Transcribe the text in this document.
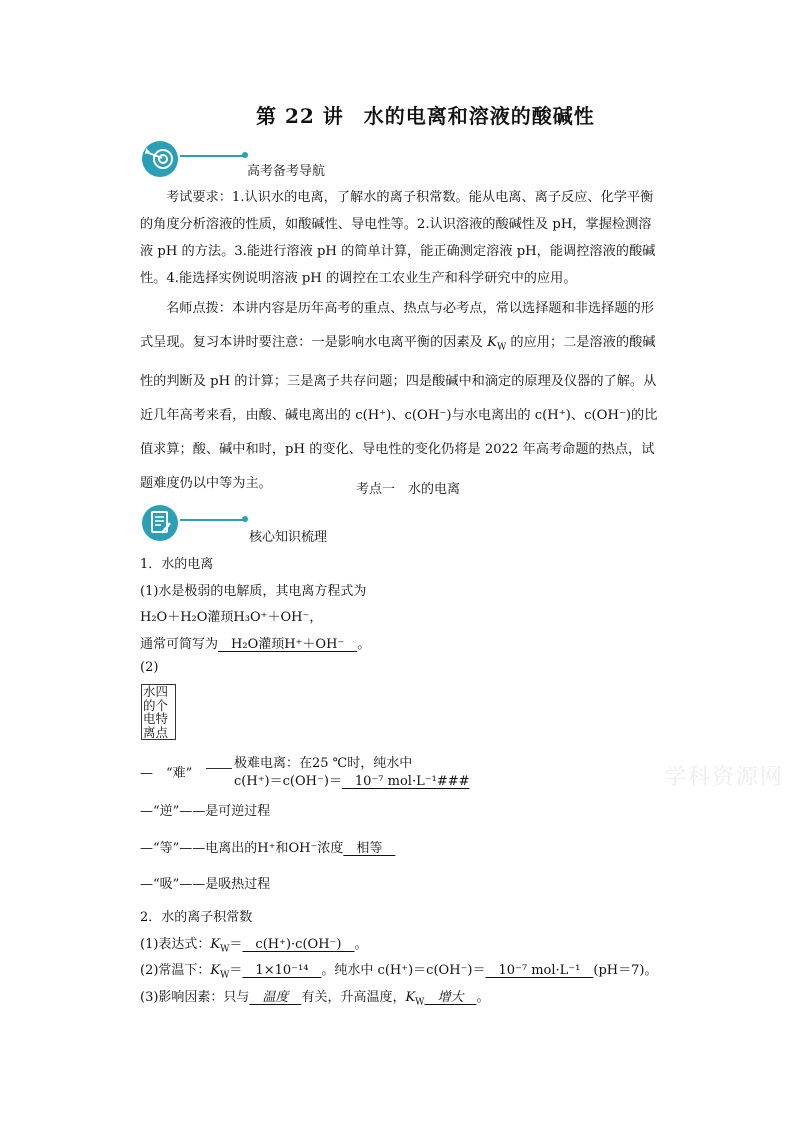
第 22 讲 水的电离和溶液的酸碱性
高考备考导航
考试要求：1.认识水的电离，了解水的离子积常数。能从电离、离子反应、化学平衡的角度分析溶液的性质，如酸碱性、导电性等。2.认识溶液的酸碱性及 pH，掌握检测溶液 pH 的方法。3.能进行溶液 pH 的简单计算，能正确测定溶液 pH，能调控溶液的酸碱性。4.能选择实例说明溶液 pH 的调控在工农业生产和科学研究中的应用。
名师点拨：本讲内容是历年高考的重点、热点与必考点，常以选择题和非选择题的形式呈现。复习本讲时要注意：一是影响水电离平衡的因素及 $K_W$ 的应用；二是溶液的酸碱性的判断及 pH 的计算；三是离子共存问题；四是酸碱中和滴定的原理及仪器的了解。从近几年高考来看，由酸、碱电离出的 c(H⁺)、c(OH⁻)与水电离出的 c(H⁺)、c(OH⁻)的比值求算；酸、碱中和时，pH 的变化、导电性的变化仍将是 2022 年高考命题的热点，试题难度仍以中等为主。	考点一　水的电离
核心知识梳理
1．水的电离
(1)水是极弱的电解质，其电离方程式为
H₂O＋H₂O灌顼H₃O⁺＋OH⁻，
通常可简写为　H₂O灌顼H⁺＋OH⁻　。
(2)
水四
的个
电特
离点
—　“难”
极难电离：在25 ℃时，纯水中
c(H⁺)＝c(OH⁻)＝　10⁻⁷ mol·L⁻¹###
—“逆”——是可逆过程
—“等”——电离出的H⁺和OH⁻浓度　相等　
—“吸”——是吸热过程
2．水的离子积常数
(1)表达式：$K_W=$　c(H⁺)·c(OH⁻)　。
(2)常温下：$K_W=$　1×10⁻¹⁴　。纯水中 c(H⁺)＝c(OH⁻)＝　10⁻⁷ mol·L⁻¹　(pH＝7)。
(3)影响因素：只与　温度　有关，升高温度，$K_W$　增大　。
学科资源网
